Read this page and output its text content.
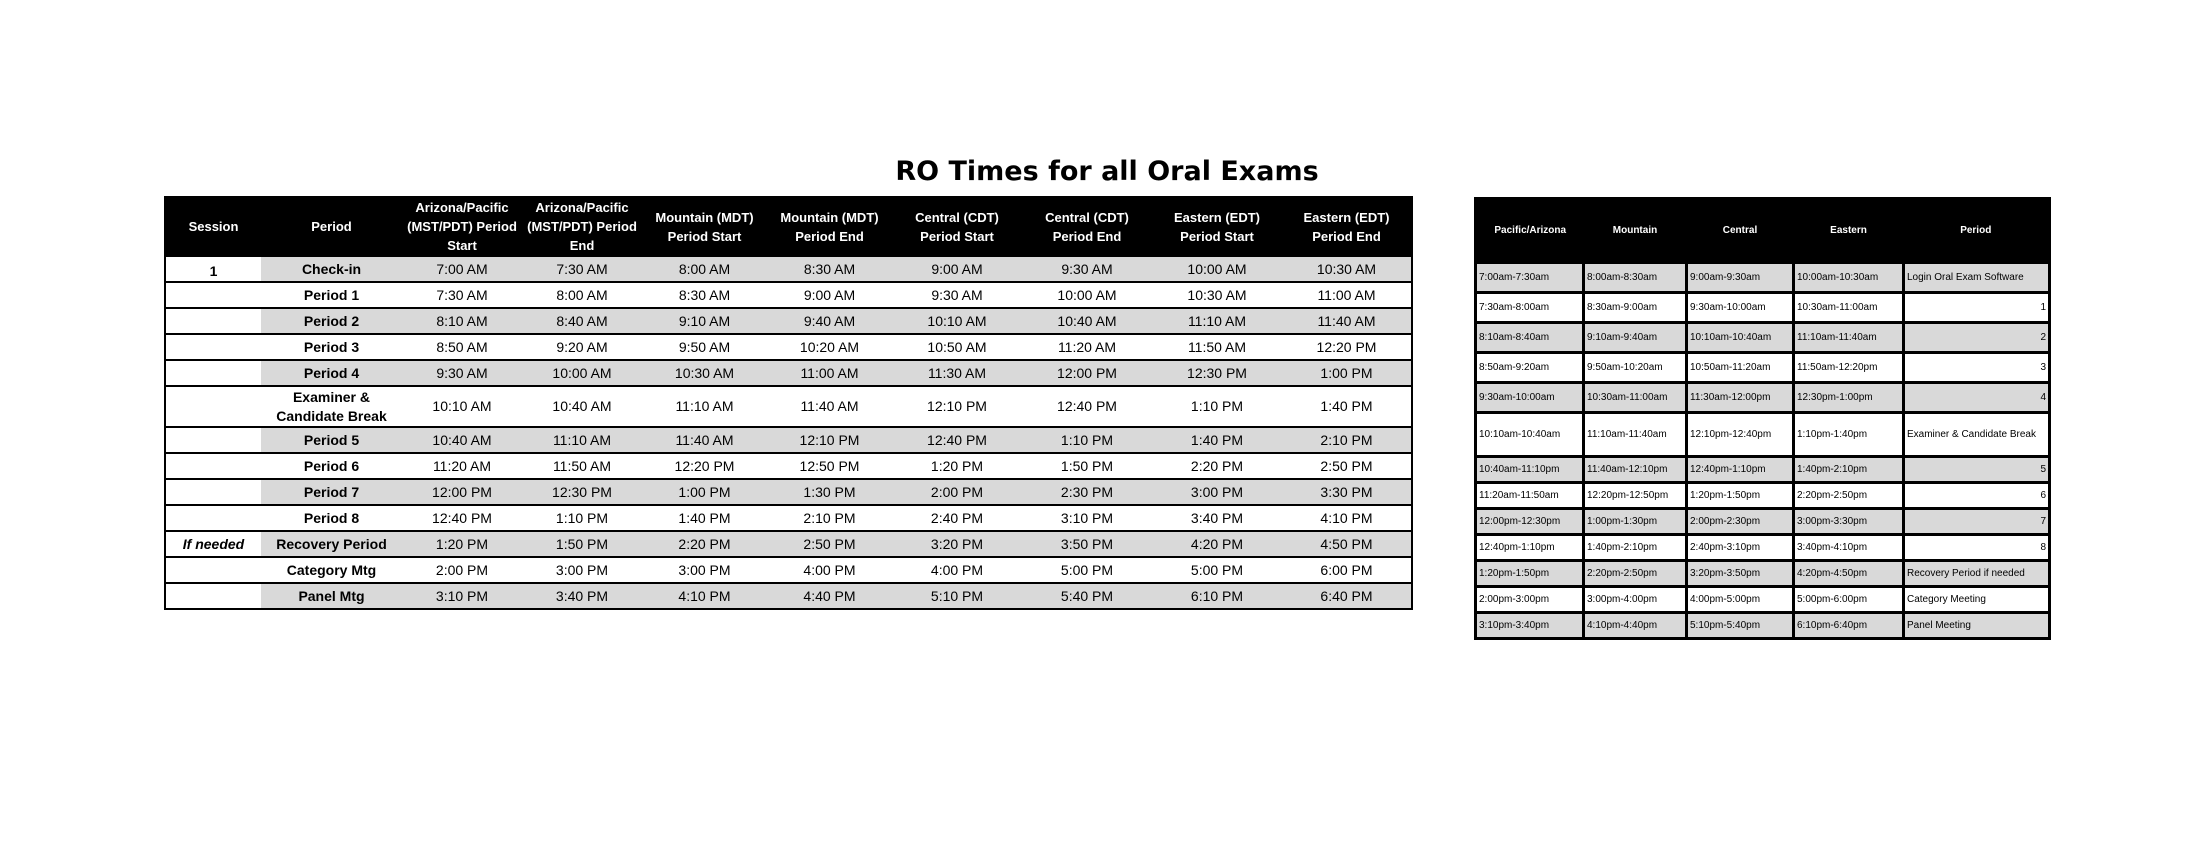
RO Times for all Oral Exams
Session	Period	Arizona/Pacific (MST/PDT) Period Start	Arizona/Pacific (MST/PDT) Period End	Mountain (MDT) Period Start	Mountain (MDT) Period End	Central (CDT) Period Start	Central (CDT) Period End	Eastern (EDT) Period Start	Eastern (EDT) Period End
1	Check-in	7:00 AM	7:30 AM	8:00 AM	8:30 AM	9:00 AM	9:30 AM	10:00 AM	10:30 AM
	Period 1	7:30 AM	8:00 AM	8:30 AM	9:00 AM	9:30 AM	10:00 AM	10:30 AM	11:00 AM
	Period 2	8:10 AM	8:40 AM	9:10 AM	9:40 AM	10:10 AM	10:40 AM	11:10 AM	11:40 AM
	Period 3	8:50 AM	9:20 AM	9:50 AM	10:20 AM	10:50 AM	11:20 AM	11:50 AM	12:20 PM
	Period 4	9:30 AM	10:00 AM	10:30 AM	11:00 AM	11:30 AM	12:00 PM	12:30 PM	1:00 PM
	Examiner & Candidate Break	10:10 AM	10:40 AM	11:10 AM	11:40 AM	12:10 PM	12:40 PM	1:10 PM	1:40 PM
	Period 5	10:40 AM	11:10 AM	11:40 AM	12:10 PM	12:40 PM	1:10 PM	1:40 PM	2:10 PM
	Period 6	11:20 AM	11:50 AM	12:20 PM	12:50 PM	1:20 PM	1:50 PM	2:20 PM	2:50 PM
	Period 7	12:00 PM	12:30 PM	1:00 PM	1:30 PM	2:00 PM	2:30 PM	3:00 PM	3:30 PM
	Period 8	12:40 PM	1:10 PM	1:40 PM	2:10 PM	2:40 PM	3:10 PM	3:40 PM	4:10 PM
If needed	Recovery Period	1:20 PM	1:50 PM	2:20 PM	2:50 PM	3:20 PM	3:50 PM	4:20 PM	4:50 PM
	Category Mtg	2:00 PM	3:00 PM	3:00 PM	4:00 PM	4:00 PM	5:00 PM	5:00 PM	6:00 PM
	Panel Mtg	3:10 PM	3:40 PM	4:10 PM	4:40 PM	5:10 PM	5:40 PM	6:10 PM	6:40 PM
Pacific/Arizona	Mountain	Central	Eastern	Period
7:00am-7:30am	8:00am-8:30am	9:00am-9:30am	10:00am-10:30am	Login Oral Exam Software
7:30am-8:00am	8:30am-9:00am	9:30am-10:00am	10:30am-11:00am	1
8:10am-8:40am	9:10am-9:40am	10:10am-10:40am	11:10am-11:40am	2
8:50am-9:20am	9:50am-10:20am	10:50am-11:20am	11:50am-12:20pm	3
9:30am-10:00am	10:30am-11:00am	11:30am-12:00pm	12:30pm-1:00pm	4
10:10am-10:40am	11:10am-11:40am	12:10pm-12:40pm	1:10pm-1:40pm	Examiner & Candidate Break
10:40am-11:10pm	11:40am-12:10pm	12:40pm-1:10pm	1:40pm-2:10pm	5
11:20am-11:50am	12:20pm-12:50pm	1:20pm-1:50pm	2:20pm-2:50pm	6
12:00pm-12:30pm	1:00pm-1:30pm	2:00pm-2:30pm	3:00pm-3:30pm	7
12:40pm-1:10pm	1:40pm-2:10pm	2:40pm-3:10pm	3:40pm-4:10pm	8
1:20pm-1:50pm	2:20pm-2:50pm	3:20pm-3:50pm	4:20pm-4:50pm	Recovery Period if needed
2:00pm-3:00pm	3:00pm-4:00pm	4:00pm-5:00pm	5:00pm-6:00pm	Category Meeting
3:10pm-3:40pm	4:10pm-4:40pm	5:10pm-5:40pm	6:10pm-6:40pm	Panel Meeting
